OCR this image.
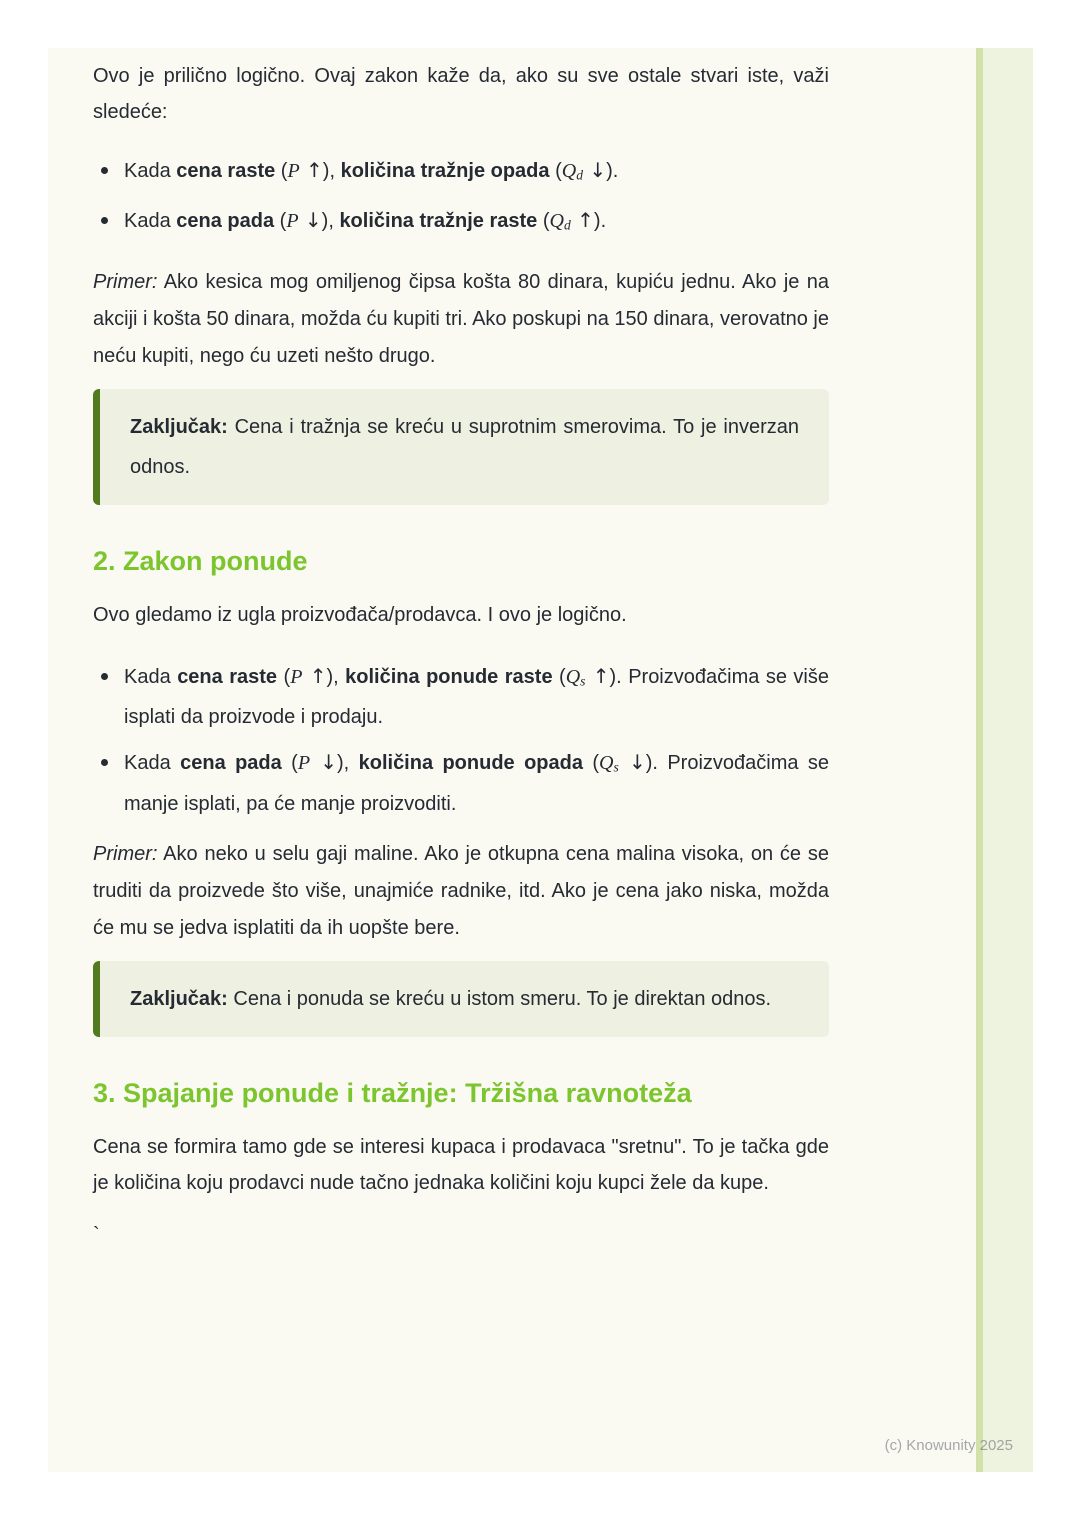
Ovo je prilično logično. Ovaj zakon kaže da, ako su sve ostale stvari iste, važi sledeće:

Kada cena raste (P ↑), količina tražnje opada (Qd ↓).
Kada cena pada (P ↓), količina tražnje raste (Qd ↑).

Primer: Ako kesica mog omiljenog čipsa košta 80 dinara, kupiću jednu. Ako je na akciji i košta 50 dinara, možda ću kupiti tri. Ako poskupi na 150 dinara, verovatno je neću kupiti, nego ću uzeti nešto drugo.

Zaključak: Cena i tražnja se kreću u suprotnim smerovima. To je inverzan odnos.
2. Zakon ponude

Ovo gledamo iz ugla proizvođača/prodavca. I ovo je logično.

Kada cena raste (P ↑), količina ponude raste (Qs ↑). Proizvođačima se više isplati da proizvode i prodaju.
Kada cena pada (P ↓), količina ponude opada (Qs ↓). Proizvođačima se manje isplati, pa će manje proizvoditi.

Primer: Ako neko u selu gaji maline. Ako je otkupna cena malina visoka, on će se truditi da proizvede što više, unajmiće radnike, itd. Ako je cena jako niska, možda će mu se jedva isplatiti da ih uopšte bere.

Zaključak: Cena i ponuda se kreću u istom smeru. To je direktan odnos.
3. Spajanje ponude i tražnje: Tržišna ravnoteža

Cena se formira tamo gde se interesi kupaca i prodavaca "sretnu". To je tačka gde je količina koju prodavci nude tačno jednaka količini koju kupci žele da kupe.

`

(c) Knowunity 2025
